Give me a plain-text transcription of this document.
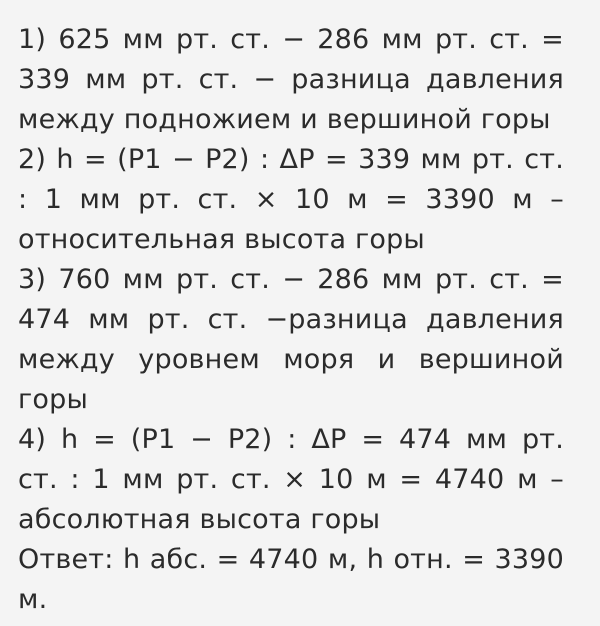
1) 625 мм рт. ст. − 286 мм рт. ст. =
339 мм рт. ст. − разница давления
между подножием и вершиной горы
2) h = (P1 − P2) : ΔP = 339 мм рт. ст.
: 1 мм рт. ст. × 10 м = 3390 м –
относительная высота горы
3) 760 мм рт. ст. − 286 мм рт. ст. =
474 мм рт. ст. −разница давления
между уровнем моря и вершиной
горы
4) h = (P1 − P2) : ΔP = 474 мм рт.
ст. : 1 мм рт. ст. × 10 м = 4740 м –
абсолютная высота горы
Ответ: h абс. = 4740 м, h отн. = 3390
м.
